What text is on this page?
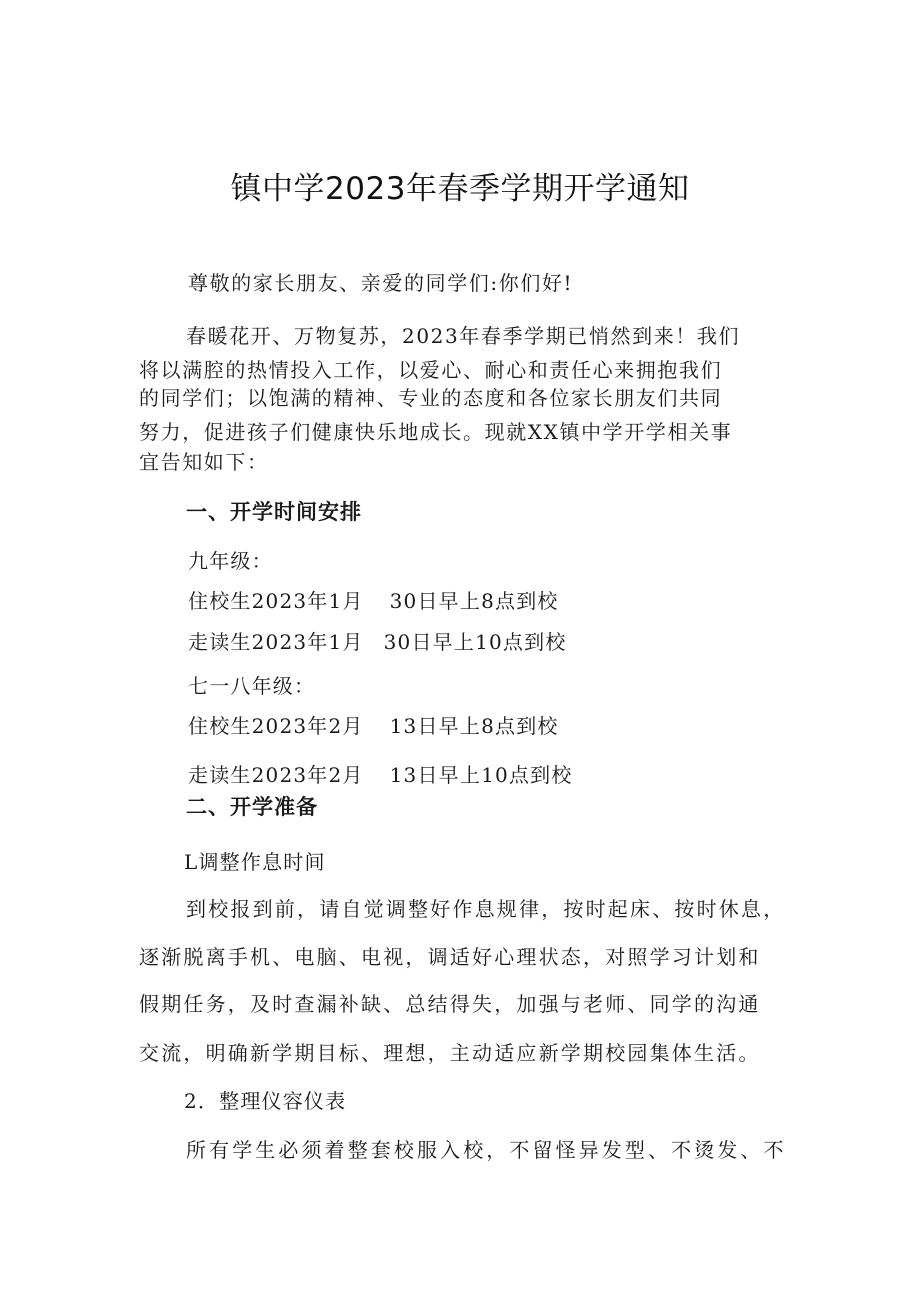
镇中学2023年春季学期开学通知
尊敬的家长朋友、亲爱的同学们:你们好!
春暖花开、万物复苏，2023年春季学期已悄然到来！我们
将以满腔的热情投入工作，以爱心、耐心和责任心来拥抱我们
的同学们；以饱满的精神、专业的态度和各位家长朋友们共同
努力，促进孩子们健康快乐地成长。现就XX镇中学开学相关事
宜告知如下：
一、开学时间安排
九年级：
住校生2023年1月 30日早上8点到校
走读生2023年1月 30日早上10点到校
七一八年级：
住校生2023年2月 13日早上8点到校
走读生2023年2月 13日早上10点到校
二、开学准备
L调整作息时间
到校报到前，请自觉调整好作息规律，按时起床、按时休息，
逐渐脱离手机、电脑、电视，调适好心理状态，对照学习计划和
假期任务，及时查漏补缺、总结得失，加强与老师、同学的沟通
交流，明确新学期目标、理想，主动适应新学期校园集体生活。
2．整理仪容仪表
所有学生必须着整套校服入校，不留怪异发型、不烫发、不
